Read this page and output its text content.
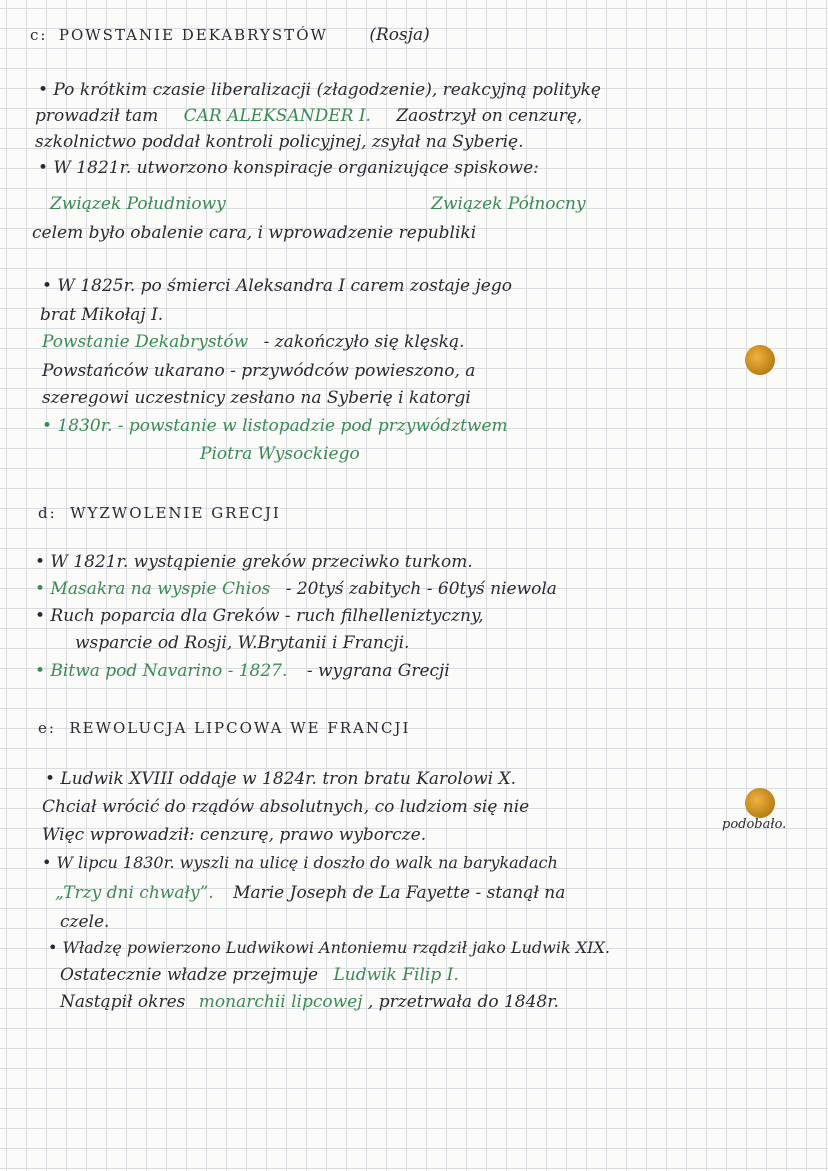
c: POWSTANIE DEKABRYSTÓW (Rosja)
• Po krótkim czasie liberalizacji (złagodzenie), reakcyjną politykę
prowadził tam CAR ALEKSANDER I. Zaostrzył on cenzurę,
szkolnictwo poddał kontroli policyjnej, zsyłał na Syberię.
• W 1821r. utworzono konspiracje organizujące spiskowe:
Związek Południowy	Związek Północny
celem było obalenie cara, i wprowadzenie republiki
• W 1825r. po śmierci Aleksandra I carem zostaje jego
brat Mikołaj I.
Powstanie Dekabrystów - zakończyło się klęską.
Powstańców ukarano - przywódców powieszono, a
szeregowi uczestnicy zesłano na Syberię i katorgi
• 1830r. - powstanie w listopadzie pod przywództwem
Piotra Wysockiego
d: WYZWOLENIE GRECJI
• W 1821r. wystąpienie greków przeciwko turkom.
• Masakra na wyspie Chios - 20tyś zabitych - 60tyś niewola
• Ruch poparcia dla Greków - ruch filhelleniztyczny,
wsparcie od Rosji, W.Brytanii i Francji.
• Bitwa pod Navarino - 1827. - wygrana Grecji
e: REWOLUCJA LIPCOWA WE FRANCJI
• Ludwik XVIII oddaje w 1824r. tron bratu Karolowi X.
Chciał wrócić do rządów absolutnych, co ludziom się nie
podobało.
Więc wprowadził: cenzurę, prawo wyborcze.
• W lipcu 1830r. wyszli na ulicę i doszło do walk na barykadach
„Trzy dni chwały”. Marie Joseph de La Fayette - stanął na
czele.
• Władzę powierzono Ludwikowi Antoniemu rządził jako Ludwik XIX.
Ostatecznie władze przejmuje Ludwik Filip I.
Nastąpił okres monarchii lipcowej , przetrwała do 1848r.
